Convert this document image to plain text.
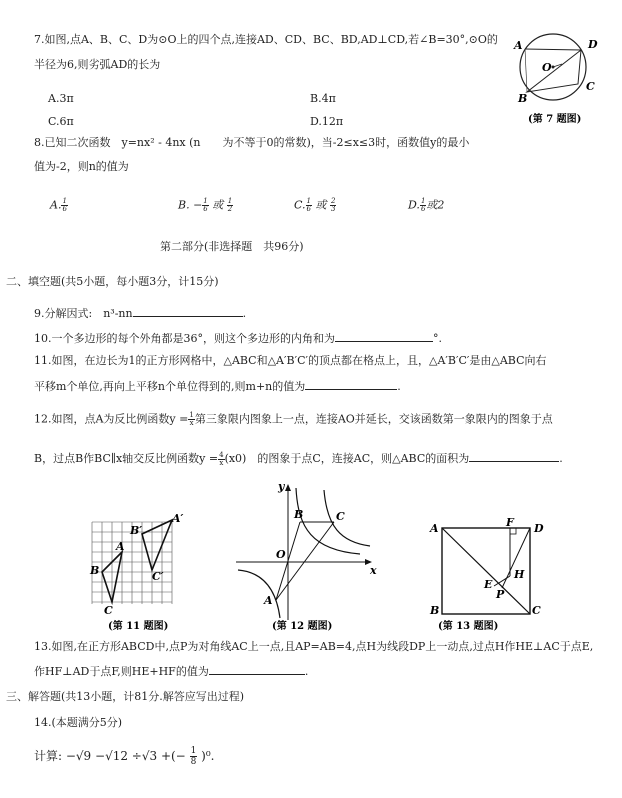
7.如图,点A、B、C、D为⊙O上的四个点,连接AD、CD、BC、BD,AD⊥CD,若∠B=30°,⊙O的
半径为6,则劣弧AD的长为
A.3π	B.4π
C.6π	D.12π
A	D
O
C
B
(第 7 题图)
8.已知二次函数　y=nx² - 4nx (n　　 为不等于0的常数)，当-2≤x≤3时，函数值y的最小
值为-2，则n的值为
A. $\frac{1}{6}$	B. − $\frac{1}{6}$ 或 $\frac{1}{2}$	C. $\frac{1}{6}$ 或 $\frac{2}{3}$	D. $\frac{1}{6}$ 或2
第二部分(非选择题　共96分)
二、填空题(共5小题，每小题3分，计15分)
9.分解因式:　n³-nn	.
10.一个多边形的每个外角都是36°，则这个多边形的内角和为	°.
11.如图，在边长为1的正方形网格中，△ABC和△A′B′C′的顶点都在格点上，且，△A′B′C′是由△ABC向右
平移m个单位,再向上平移n个单位得到的,则m+n的值为	.
12.如图，点A为反比例函数$y = \frac{1}{x}$ 第三象限内图象上一点，连接AO并延长，交该函数第一象限内的图象于点
B，过点B作BC∥x轴交反比例函数$y = \frac{4}{x} (x0)$　的图象于点C，连接AC，则△ABC的面积为	.
A
B
C
A′
B′
C′
(第 11 题图)
y
x
O
B	C
A
(第 12 题图)
A	D
F
H
E
P
B	C
(第 13 题图)
13.如图,在正方形ABCD中,点P为对角线AC上一点,且AP=AB=4,点H为线段DP上一动点,过点H作HE⊥AC于点E,
作HF⊥AD于点F,则HE+HF的值为	.
三、解答题(共13小题，计81分.解答应写出过程)
14.(本题满分5分)
计算: −√9 −√12 ÷√3 +(− $\frac{1}{8} )^0$.
